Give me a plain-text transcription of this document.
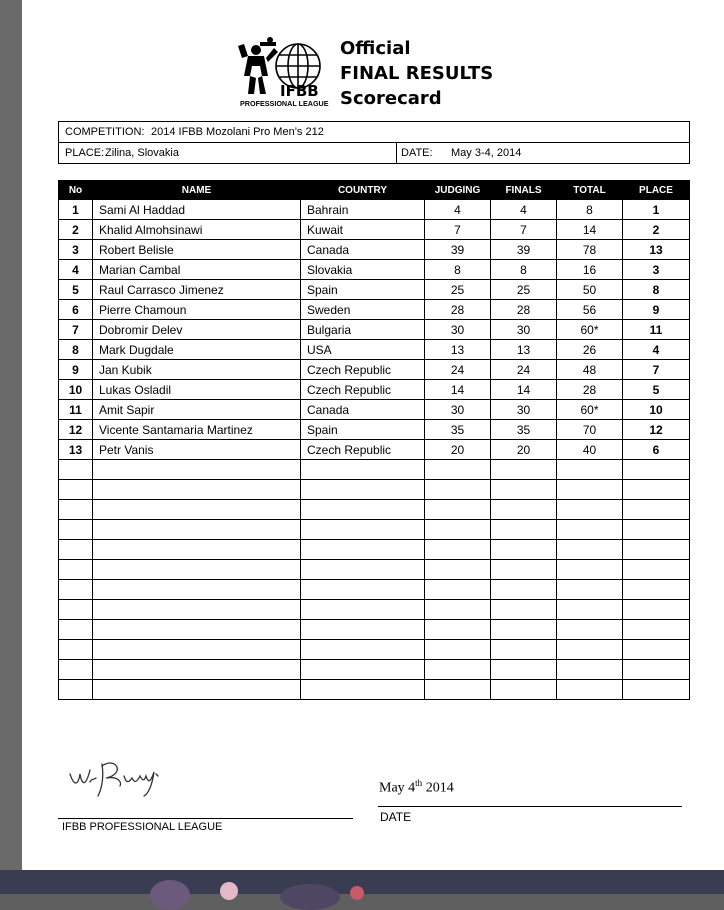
IFBB
PROFESSIONAL LEAGUE
Official
FINAL RESULTS
Scorecard
COMPETITION: 2014 IFBB Mozolani Pro Men’s 212
PLACE: Zilina, Slovakia	DATE: May 3-4, 2014
No	NAME	COUNTRY	JUDGING	FINALS	TOTAL	PLACE
1	Sami Al Haddad	Bahrain	4	4	8	1
2	Khalid Almohsinawi	Kuwait	7	7	14	2
3	Robert Belisle	Canada	39	39	78	13
4	Marian Cambal	Slovakia	8	8	16	3
5	Raul Carrasco Jimenez	Spain	25	25	50	8
6	Pierre Chamoun	Sweden	28	28	56	9
7	Dobromir Delev	Bulgaria	30	30	60*	11
8	Mark Dugdale	USA	13	13	26	4
9	Jan Kubik	Czech Republic	24	24	48	7
10	Lukas Osladil	Czech Republic	14	14	28	5
11	Amit Sapir	Canada	30	30	60*	10
12	Vicente Santamaria Martinez	Spain	35	35	70	12
13	Petr Vanis	Czech Republic	20	20	40	6

IFBB PROFESSIONAL LEAGUE
May 4th 2014
DATE
